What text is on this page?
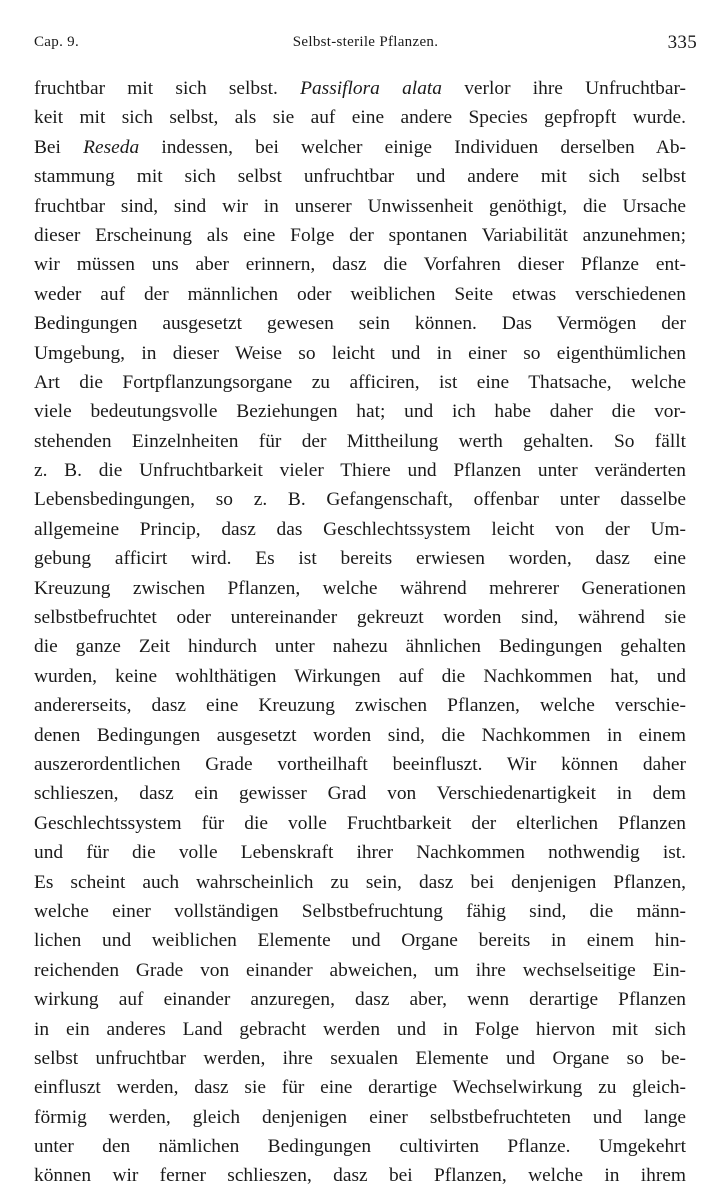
Cap. 9.	Selbst-sterile Pflanzen.	335
fruchtbar mit sich selbst. Passiflora alata verlor ihre Unfruchtbar-
keit mit sich selbst, als sie auf eine andere Species gepfropft wurde.
Bei Reseda indessen, bei welcher einige Individuen derselben Ab-
stammung mit sich selbst unfruchtbar und andere mit sich selbst
fruchtbar sind, sind wir in unserer Unwissenheit genöthigt, die Ursache
dieser Erscheinung als eine Folge der spontanen Variabilität anzunehmen;
wir müssen uns aber erinnern, dasz die Vorfahren dieser Pflanze ent-
weder auf der männlichen oder weiblichen Seite etwas verschiedenen
Bedingungen ausgesetzt gewesen sein können. Das Vermögen der
Umgebung, in dieser Weise so leicht und in einer so eigenthümlichen
Art die Fortpflanzungsorgane zu afficiren, ist eine Thatsache, welche
viele bedeutungsvolle Beziehungen hat; und ich habe daher die vor-
stehenden Einzelnheiten für der Mittheilung werth gehalten. So fällt
z. B. die Unfruchtbarkeit vieler Thiere und Pflanzen unter veränderten
Lebensbedingungen, so z. B. Gefangenschaft, offenbar unter dasselbe
allgemeine Princip, dasz das Geschlechtssystem leicht von der Um-
gebung afficirt wird. Es ist bereits erwiesen worden, dasz eine
Kreuzung zwischen Pflanzen, welche während mehrerer Generationen
selbstbefruchtet oder untereinander gekreuzt worden sind, während sie
die ganze Zeit hindurch unter nahezu ähnlichen Bedingungen gehalten
wurden, keine wohlthätigen Wirkungen auf die Nachkommen hat, und
andererseits, dasz eine Kreuzung zwischen Pflanzen, welche verschie-
denen Bedingungen ausgesetzt worden sind, die Nachkommen in einem
auszerordentlichen Grade vortheilhaft beeinfluszt. Wir können daher
schlieszen, dasz ein gewisser Grad von Verschiedenartigkeit in dem
Geschlechtssystem für die volle Fruchtbarkeit der elterlichen Pflanzen
und für die volle Lebenskraft ihrer Nachkommen nothwendig ist.
Es scheint auch wahrscheinlich zu sein, dasz bei denjenigen Pflanzen,
welche einer vollständigen Selbstbefruchtung fähig sind, die männ-
lichen und weiblichen Elemente und Organe bereits in einem hin-
reichenden Grade von einander abweichen, um ihre wechselseitige Ein-
wirkung auf einander anzuregen, dasz aber, wenn derartige Pflanzen
in ein anderes Land gebracht werden und in Folge hiervon mit sich
selbst unfruchtbar werden, ihre sexualen Elemente und Organe so be-
einfluszt werden, dasz sie für eine derartige Wechselwirkung zu gleich-
förmig werden, gleich denjenigen einer selbstbefruchteten und lange
unter den nämlichen Bedingungen cultivirten Pflanze. Umgekehrt
können wir ferner schlieszen, dasz bei Pflanzen, welche in ihrem
